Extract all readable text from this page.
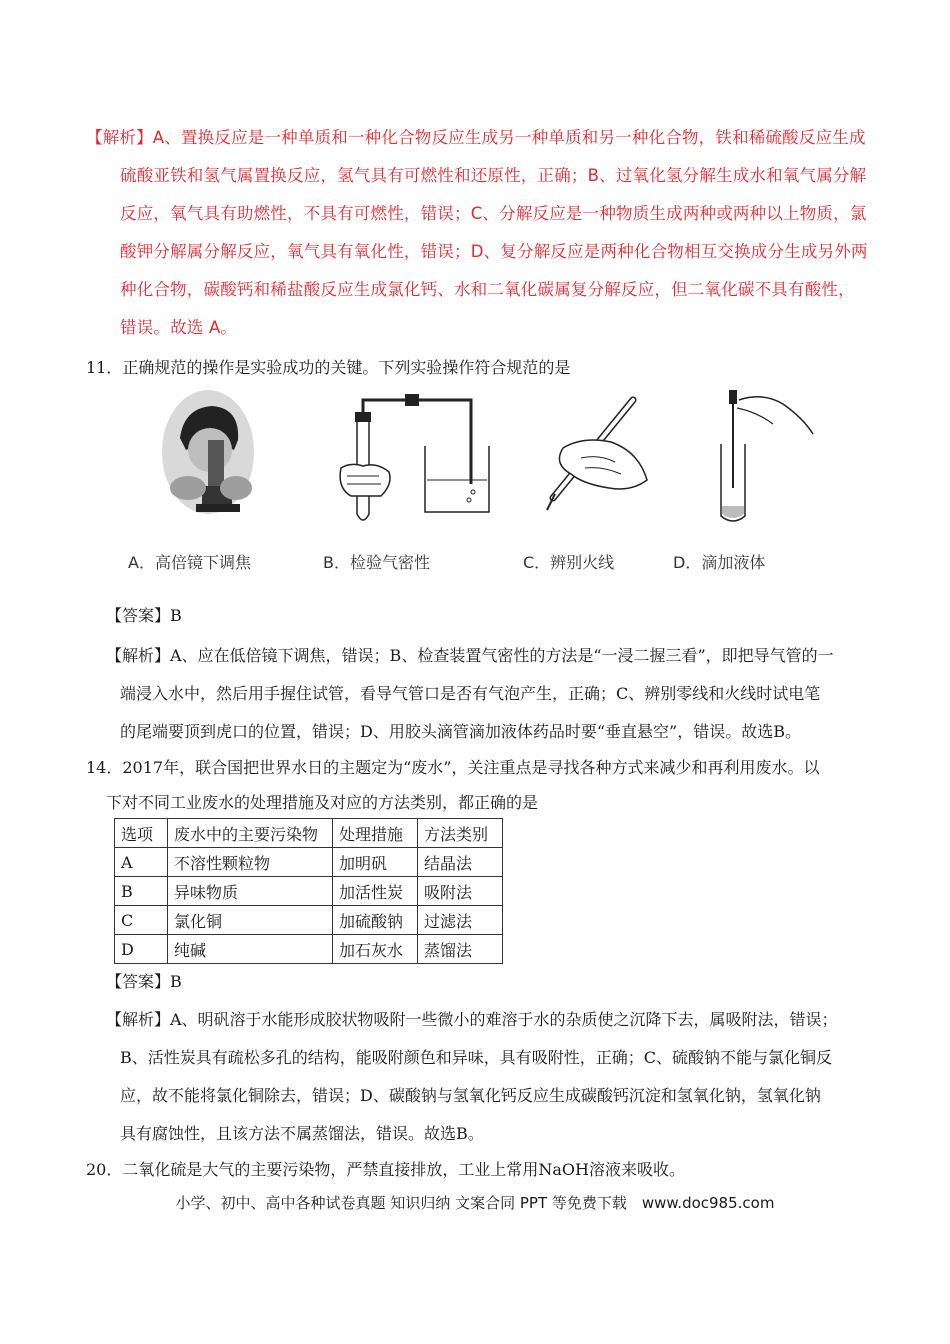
【解析】A、置换反应是一种单质和一种化合物反应生成另一种单质和另一种化合物，铁和稀硫酸反应生成
硫酸亚铁和氢气属置换反应，氢气具有可燃性和还原性，正确；B、过氧化氢分解生成水和氧气属分解
反应，氧气具有助燃性，不具有可燃性，错误；C、分解反应是一种物质生成两种或两种以上物质，氯
酸钾分解属分解反应，氧气具有氧化性，错误；D、复分解反应是两种化合物相互交换成分生成另外两
种化合物，碳酸钙和稀盐酸反应生成氯化钙、水和二氧化碳属复分解反应，但二氧化碳不具有酸性，
错误。故选 A。
11．正确规范的操作是实验成功的关键。下列实验操作符合规范的是
A．高倍镜下调焦	B．检验气密性	C．辨别火线	D．滴加液体
【答案】B
【解析】A、应在低倍镜下调焦，错误；B、检查装置气密性的方法是“一浸二握三看”，即把导气管的一
端浸入水中，然后用手握住试管，看导气管口是否有气泡产生，正确；C、辨别零线和火线时试电笔
的尾端要顶到虎口的位置，错误；D、用胶头滴管滴加液体药品时要“垂直悬空”，错误。故选B。
14．2017年，联合国把世界水日的主题定为“废水”，关注重点是寻找各种方式来减少和再利用废水。以
下对不同工业废水的处理措施及对应的方法类别，都正确的是
选项	废水中的主要污染物	处理措施	方法类别
A	不溶性颗粒物	加明矾	结晶法
B	异味物质	加活性炭	吸附法
C	氯化铜	加硫酸钠	过滤法
D	纯碱	加石灰水	蒸馏法
【答案】B
【解析】A、明矾溶于水能形成胶状物吸附一些微小的难溶于水的杂质使之沉降下去，属吸附法，错误；
B、活性炭具有疏松多孔的结构，能吸附颜色和异味，具有吸附性，正确；C、硫酸钠不能与氯化铜反
应，故不能将氯化铜除去，错误；D、碳酸钠与氢氧化钙反应生成碳酸钙沉淀和氢氧化钠，氢氧化钠
具有腐蚀性，且该方法不属蒸馏法，错误。故选B。
20．二氧化硫是大气的主要污染物，严禁直接排放，工业上常用NaOH溶液来吸收。
小学、初中、高中各种试卷真题 知识归纳 文案合同 PPT 等免费下载　www.doc985.com
